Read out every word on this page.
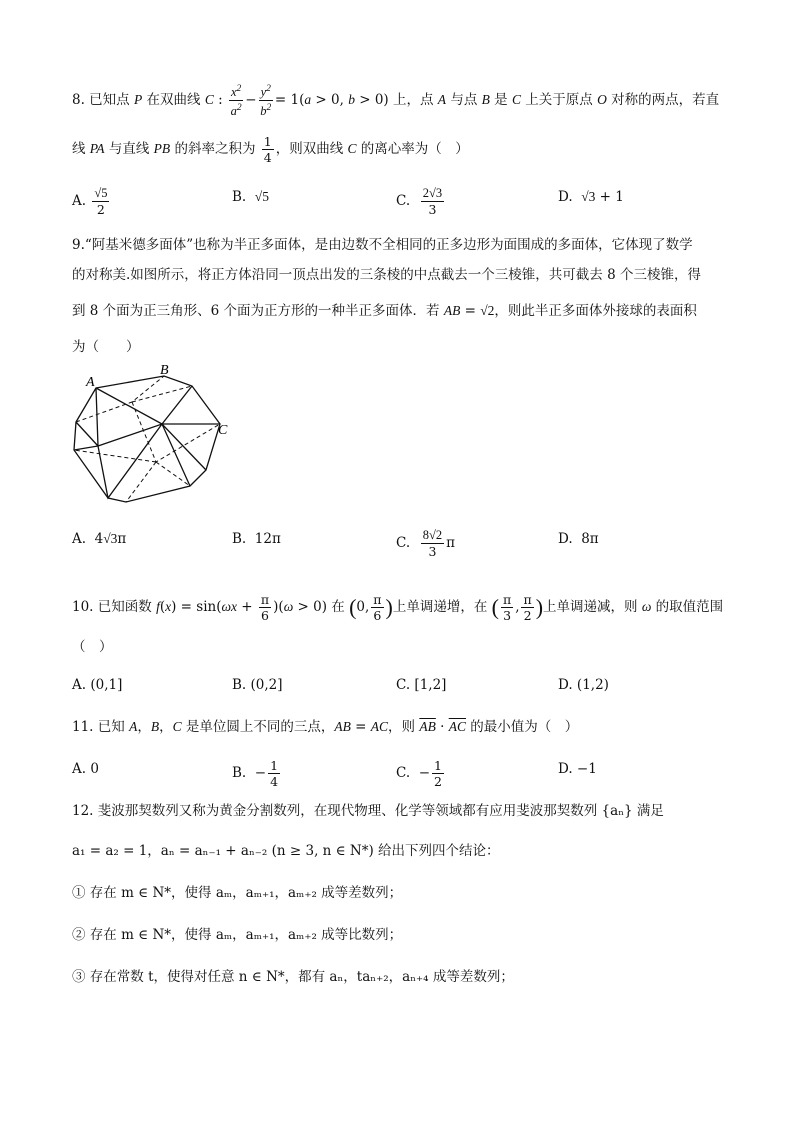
8. 已知点 P 在双曲线 C : $\frac{x^2}{a^2} - \frac{y^2}{b^2} = 1(a > 0$, b > 0) 上，点 A 与点 B 是 C 上关于原点 O 对称的两点，若直
线 PA 与直线 PB 的斜率之积为 $\frac{1}{4}$ ，则双曲线 C 的离心率为（　）
A. $\frac{√5}{2}$	B.  √5	C. $\frac{2√3}{3}$	D.  √3 + 1
9.“阿基米德多面体”也称为半正多面体，是由边数不全相同的正多边形为面围成的多面体，它体现了数学
的对称美.如图所示，将正方体沿同一顶点出发的三条棱的中点截去一个三棱锥，共可截去 8 个三棱锥，得
到 8 个面为正三角形、6 个面为正方形的一种半正多面体．若 AB = √2，则此半正多面体外接球的表面积
为（　　）
A
B
C
A.  4√3π	B.  12π	C. $\frac{8√2}{3}$ π	D.  8π
10. 已知函数 $f(x) = \sin(\omega x + \frac{\pi}{6} )(\omega > 0)$ 在 (0, $\frac{\pi}{6}$ )上单调递增，在 ( $\frac{\pi}{3}$ , $\frac{\pi}{2}$ )上单调递减，则 ω 的取值范围
（　）
A. (0,1]	B. (0,2]	C. [1,2]	D. (1,2)
11. 已知 A，B，C 是单位圆上不同的三点，AB = AC，则 $\overline{AB} \cdot \overline{AC}$ 的最小值为（　）
A. 0	B.  − $\frac{1}{4}$	C.  − $\frac{1}{2}$	D. −1
12. 斐波那契数列又称为黄金分割数列，在现代物理、化学等领域都有应用斐波那契数列 {aₙ} 满足
a₁ = a₂ = 1，aₙ = aₙ₋₁ + aₙ₋₂ (n ≥ 3, n ∈ N*) 给出下列四个结论：
① 存在 m ∈ N*，使得 aₘ，aₘ₊₁，aₘ₊₂ 成等差数列；
② 存在 m ∈ N*，使得 aₘ，aₘ₊₁，aₘ₊₂ 成等比数列；
③ 存在常数 t，使得对任意 n ∈ N*，都有 aₙ，taₙ₊₂，aₙ₊₄ 成等差数列；
